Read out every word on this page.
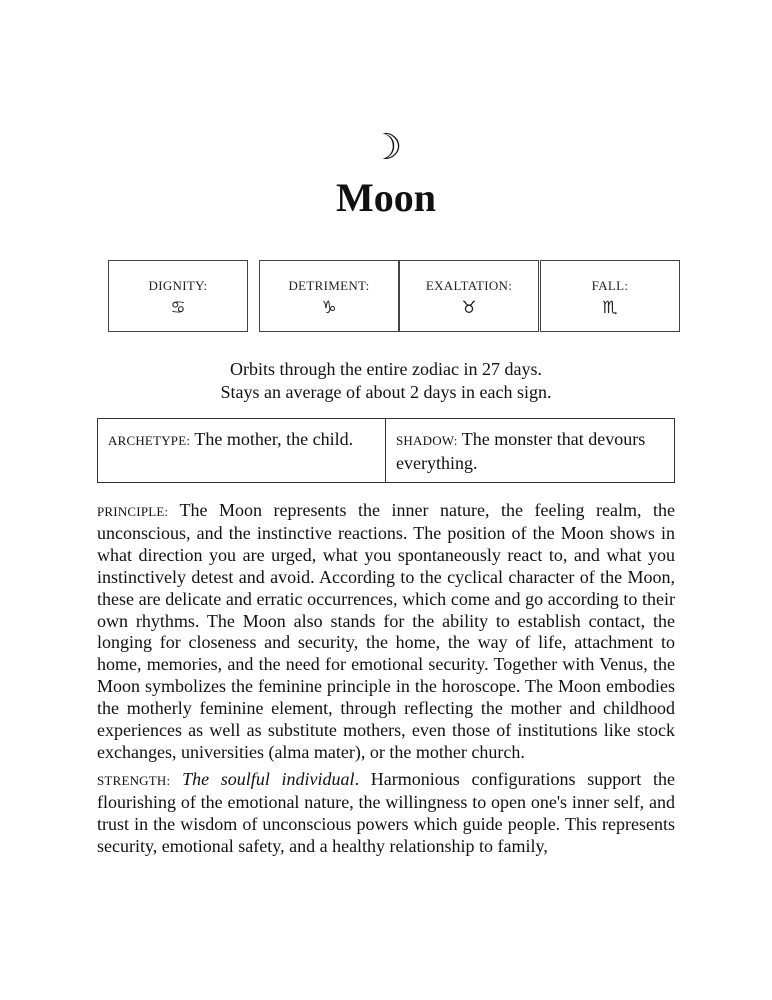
☽
Moon
DIGNITY:
♋
DETRIMENT:
♑
EXALTATION:
♉
FALL:
♏
Orbits through the entire zodiac in 27 days.
Stays an average of about 2 days in each sign.
ARCHETYPE: The mother, the child.	SHADOW: The monster that devours everything.

PRINCIPLE: The Moon represents the inner nature, the feeling realm, the unconscious, and the instinctive reactions. The position of the Moon shows in what direction you are urged, what you spontaneously react to, and what you instinctively detest and avoid. According to the cyclical character of the Moon, these are delicate and erratic occurrences, which come and go according to their own rhythms. The Moon also stands for the ability to establish contact, the longing for closeness and security, the home, the way of life, attachment to home, memories, and the need for emotional security. Together with Venus, the Moon symbolizes the feminine principle in the horoscope. The Moon embodies the motherly feminine element, through reflecting the mother and childhood experiences as well as substitute mothers, even those of institutions like stock exchanges, universities (alma mater), or the mother church.

STRENGTH: The soulful individual. Harmonious configurations support the flourishing of the emotional nature, the willingness to open one's inner self, and trust in the wisdom of unconscious powers which guide people. This represents security, emotional safety, and a healthy relationship to family,
